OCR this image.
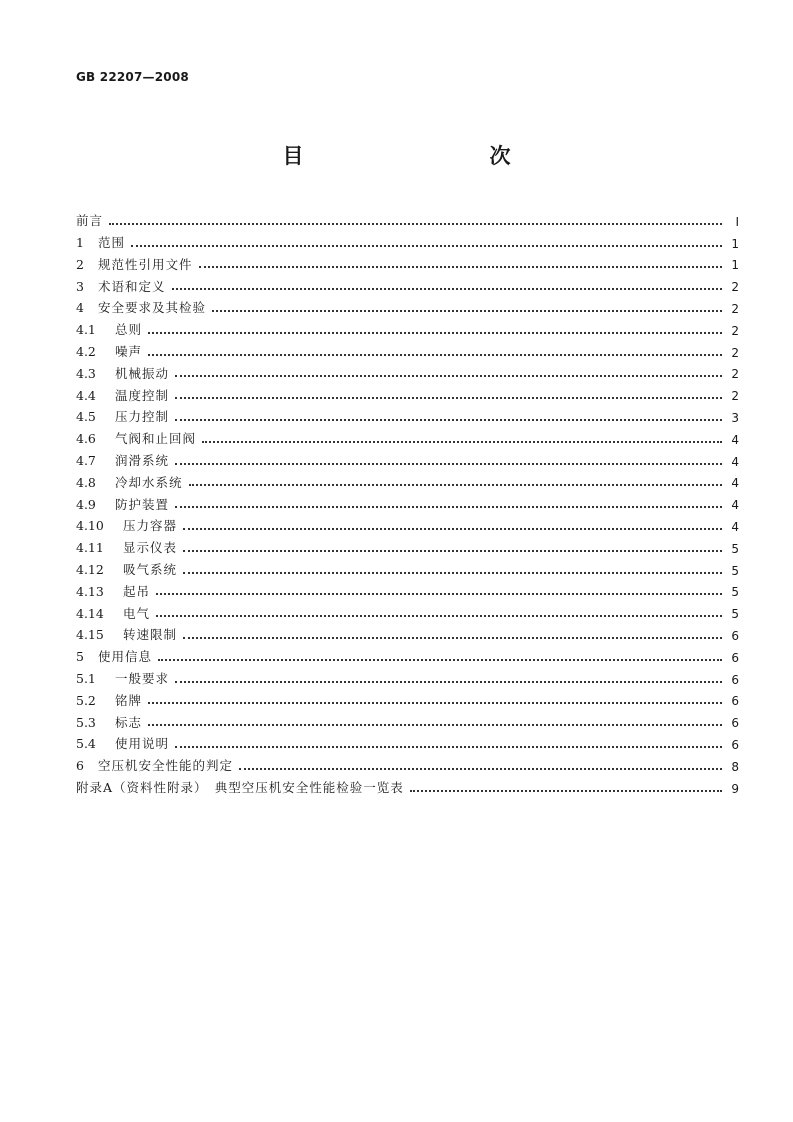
GB 22207—2008

目　　次
前言	Ⅰ
1	范围	1
2	规范性引用文件	1
3	术语和定义	2
4	安全要求及其检验	2
4.1	总则	2
4.2	噪声	2
4.3	机械振动	2
4.4	温度控制	2
4.5	压力控制	3
4.6	气阀和止回阀	4
4.7	润滑系统	4
4.8	冷却水系统	4
4.9	防护装置	4
4.10	压力容器	4
4.11	显示仪表	5
4.12	吸气系统	5
4.13	起吊	5
4.14	电气	5
4.15	转速限制	6
5	使用信息	6
5.1	一般要求	6
5.2	铭牌	6
5.3	标志	6
5.4	使用说明	6
6	空压机安全性能的判定	8
附录A（资料性附录）　典型空压机安全性能检验一览表	9
